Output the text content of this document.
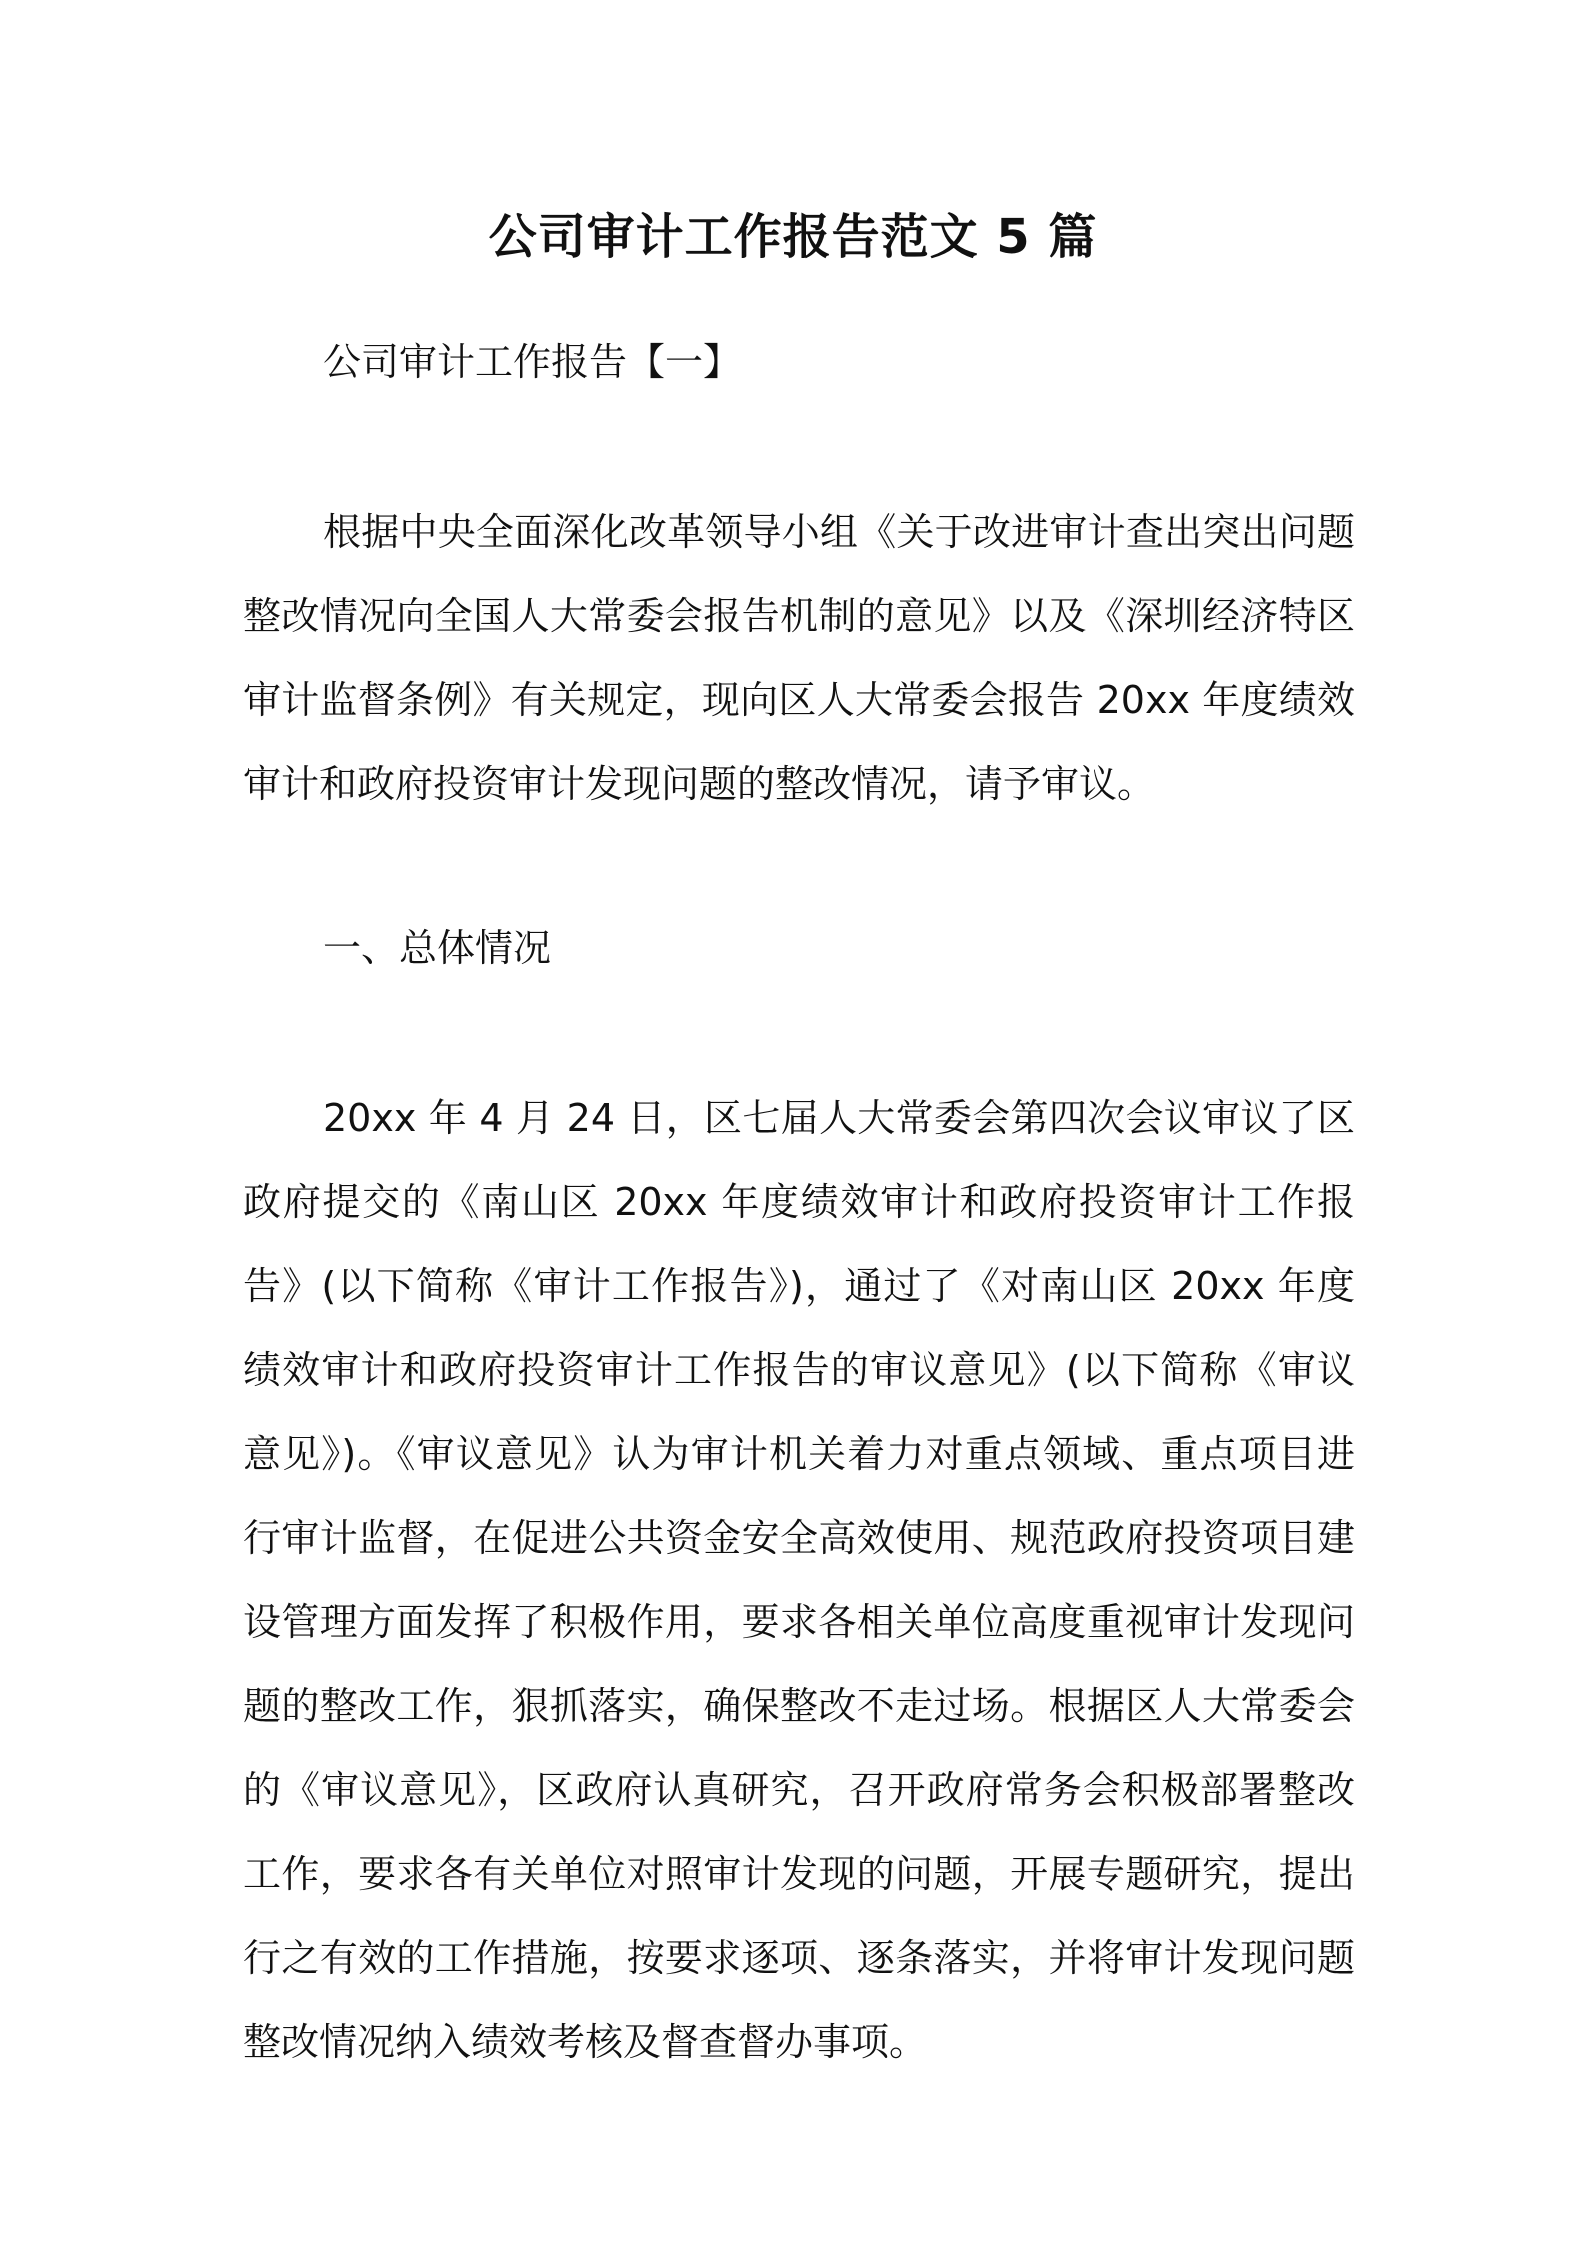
公司审计工作报告范文 5 篇

公司审计工作报告【一】

根据中央全面深化改革领导小组《关于改进审计查出突出问题整改情况向全国人大常委会报告机制的意见》以及《深圳经济特区审计监督条例》有关规定，现向区人大常委会报告 20xx 年度绩效审计和政府投资审计发现问题的整改情况，请予审议。

一、总体情况

20xx 年 4 月 24 日，区七届人大常委会第四次会议审议了区政府提交的《南山区 20xx 年度绩效审计和政府投资审计工作报告》(以下简称《审计工作报告》)，通过了《对南山区 20xx 年度绩效审计和政府投资审计工作报告的审议意见》(以下简称《审议意见》)。《审议意见》认为审计机关着力对重点领域、重点项目进行审计监督，在促进公共资金安全高效使用、规范政府投资项目建设管理方面发挥了积极作用，要求各相关单位高度重视审计发现问题的整改工作，狠抓落实，确保整改不走过场。根据区人大常委会的《审议意见》，区政府认真研究，召开政府常务会积极部署整改工作，要求各有关单位对照审计发现的问题，开展专题研究，提出行之有效的工作措施，按要求逐项、逐条落实，并将审计发现问题整改情况纳入绩效考核及督查督办事项。
